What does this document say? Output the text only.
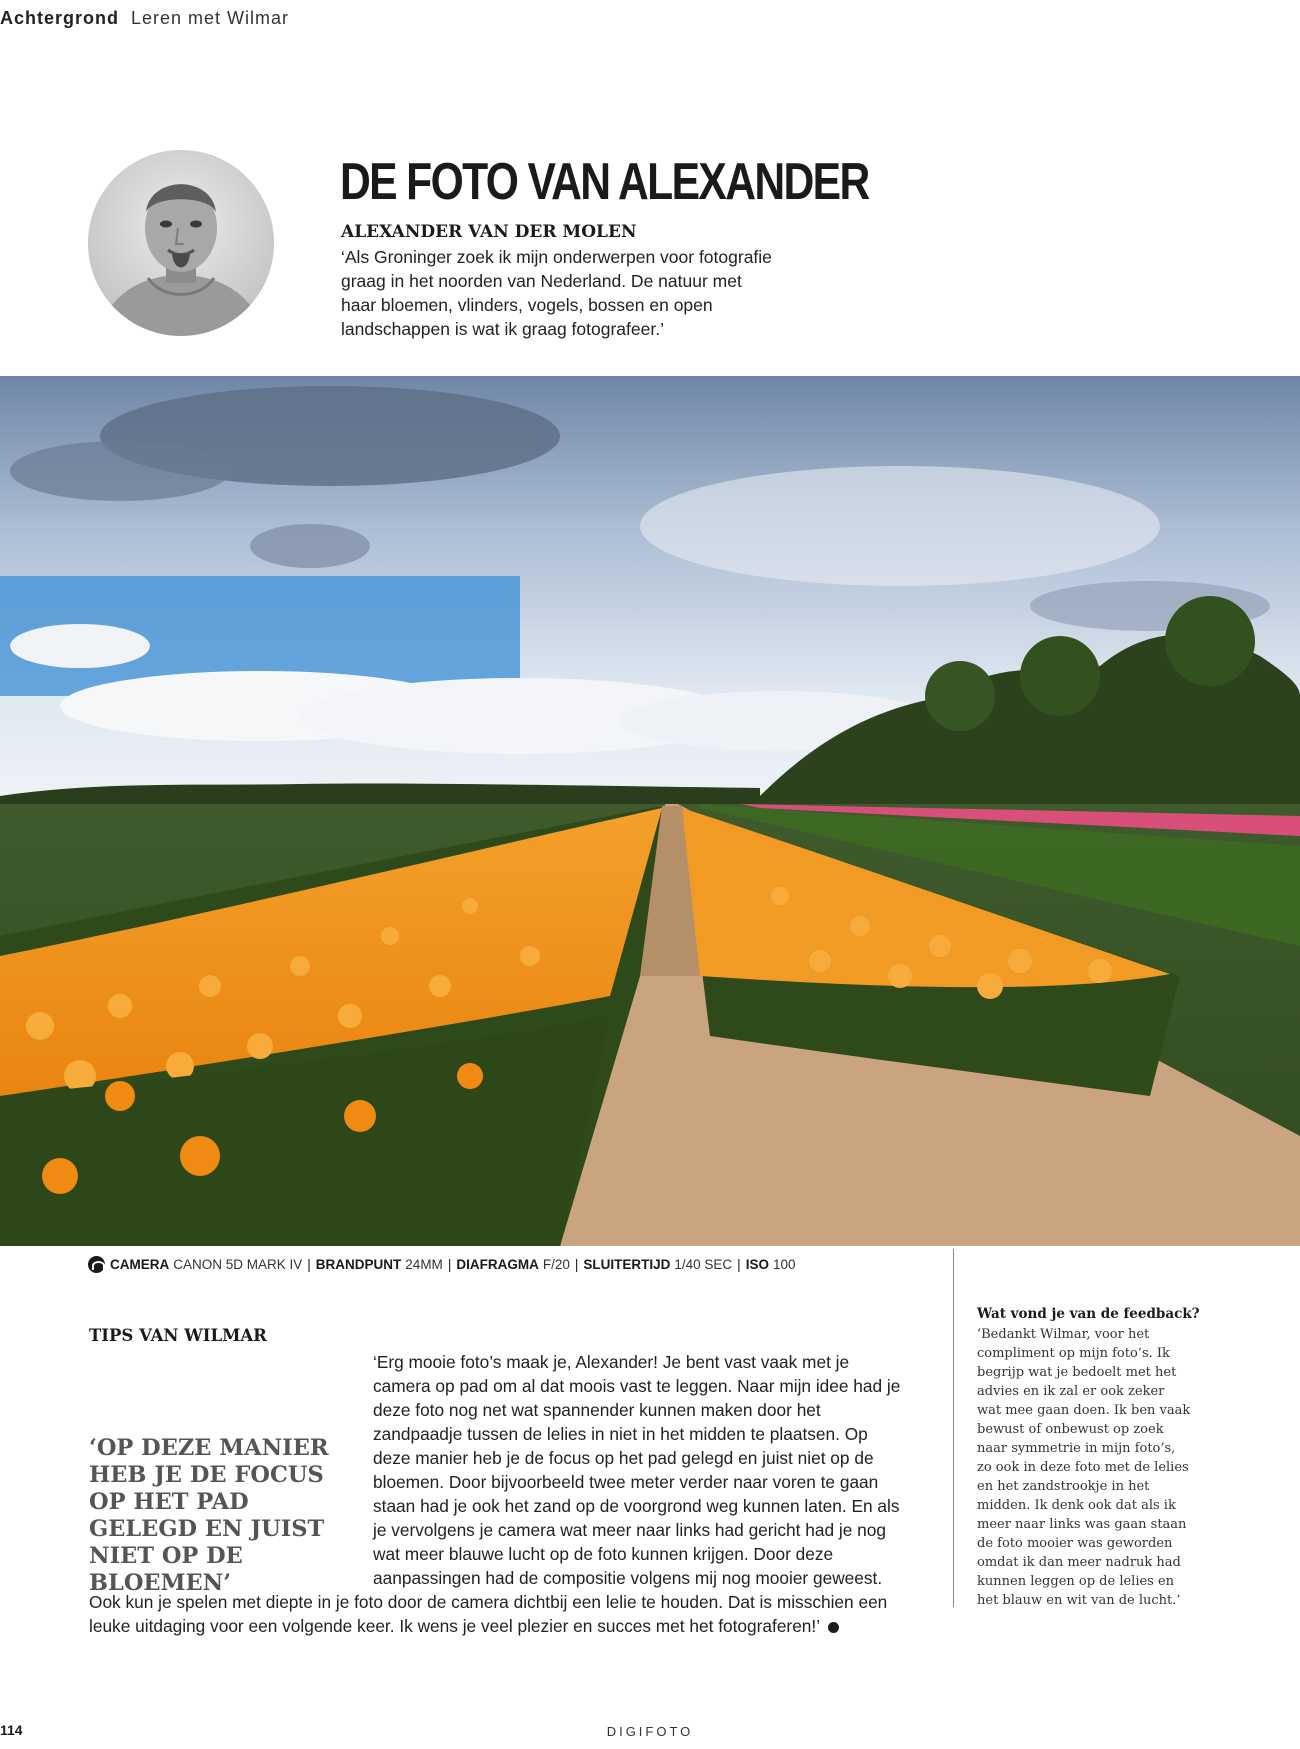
Achtergrond Leren met Wilmar
DE FOTO VAN ALEXANDER
ALEXANDER VAN DER MOLEN
‘Als Groninger zoek ik mijn onderwerpen voor fotografie graag in het noorden van Nederland. De natuur met haar bloemen, vlinders, vogels, bossen en open landschappen is wat ik graag fotografeer.’
CAMERA CANON 5D MARK IV | BRANDPUNT 24MM | DIAFRAGMA F/20 | SLUITERTIJD 1/40 SEC | ISO 100
TIPS VAN WILMAR
‘Erg mooie foto’s maak je, Alexander! Je bent vast vaak met je camera op pad om al dat moois vast te leggen. Naar mijn idee had je deze foto nog net wat spannender kunnen maken door het zandpaadje tussen de lelies in niet in het midden te plaatsen. Op deze manier heb je de focus op het pad gelegd en juist niet op de bloemen. Door bijvoorbeeld twee meter verder naar voren te gaan staan had je ook het zand op de voorgrond weg kunnen laten. En als je vervolgens je camera wat meer naar links had gericht had je nog wat meer blauwe lucht op de foto kunnen krijgen. Door deze aanpassingen had de compositie volgens mij nog mooier geweest. Ook kun je spelen met diepte in je foto door de camera dichtbij een lelie te houden. Dat is misschien een leuke uitdaging voor een volgende keer. Ik wens je veel plezier en succes met het fotograferen!’
‘OP DEZE MANIER HEB JE DE FOCUS OP HET PAD GELEGD EN JUIST NIET OP DE BLOEMEN’
Wat vond je van de feedback?

‘Bedankt Wilmar, voor het compliment op mijn foto’s. Ik begrijp wat je bedoelt met het advies en ik zal er ook zeker wat mee gaan doen. Ik ben vaak bewust of onbewust op zoek naar symmetrie in mijn foto’s, zo ook in deze foto met de lelies en het zandstrookje in het midden. Ik denk ook dat als ik meer naar links was gaan staan de foto mooier was geworden omdat ik dan meer nadruk had kunnen leggen op de lelies en het blauw en wit van de lucht.’

114	DIGIFOTO
